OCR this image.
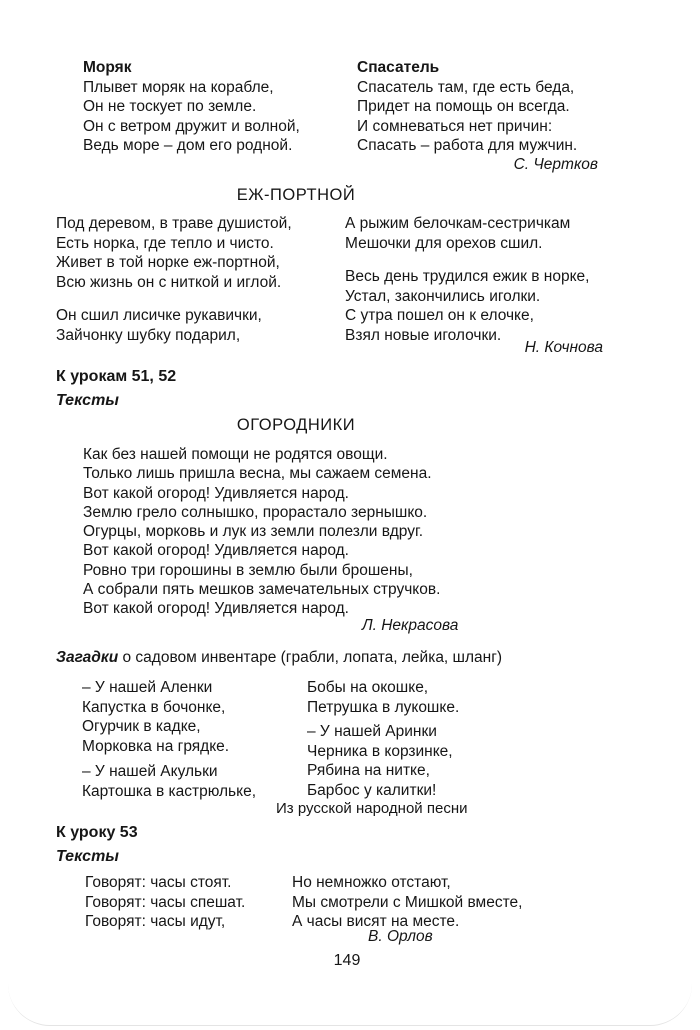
Моряк
Плывет моряк на корабле,
Он не тоскует по земле.
Он с ветром дружит и волной,
Ведь море – дом его родной.
Спасатель
Спасатель там, где есть беда,
Придет на помощь он всегда.
И сомневаться нет причин:
Спасать – работа для мужчин.
С. Чертков
ЕЖ-ПОРТНОЙ
Под деревом, в траве душистой,
Есть норка, где тепло и чисто.
Живет в той норке еж-портной,
Всю жизнь он с ниткой и иглой.
Он сшил лисичке рукавички,
Зайчонку шубку подарил,
А рыжим белочкам-сестричкам
Мешочки для орехов сшил.
Весь день трудился ежик в норке,
Устал, закончились иголки.
С утра пошел он к елочке,
Взял новые иголочки.
Н. Кочнова
К урокам 51, 52
Тексты
ОГОРОДНИКИ
Как без нашей помощи не родятся овощи.
Только лишь пришла весна, мы сажаем семена.
Вот какой огород! Удивляется народ.
Землю грело солнышко, прорастало зернышко.
Огурцы, морковь и лук из земли полезли вдруг.
Вот какой огород! Удивляется народ.
Ровно три горошины в землю были брошены,
А собрали пять мешков замечательных стручков.
Вот какой огород! Удивляется народ.
Л. Некрасова
Загадки о садовом инвентаре (грабли, лопата, лейка, шланг)
– У нашей Аленки
Капустка в бочонке,
Огурчик в кадке,
Морковка на грядке.
– У нашей Акульки
Картошка в кастрюльке,
Бобы на окошке,
Петрушка в лукошке.
– У нашей Аринки
Черника в корзинке,
Рябина на нитке,
Барбос у калитки!
Из русской народной песни
К уроку 53
Тексты
Говорят: часы стоят.
Говорят: часы спешат.
Говорят: часы идут,
Но немножко отстают,
Мы смотрели с Мишкой вместе,
А часы висят на месте.
В. Орлов
149
